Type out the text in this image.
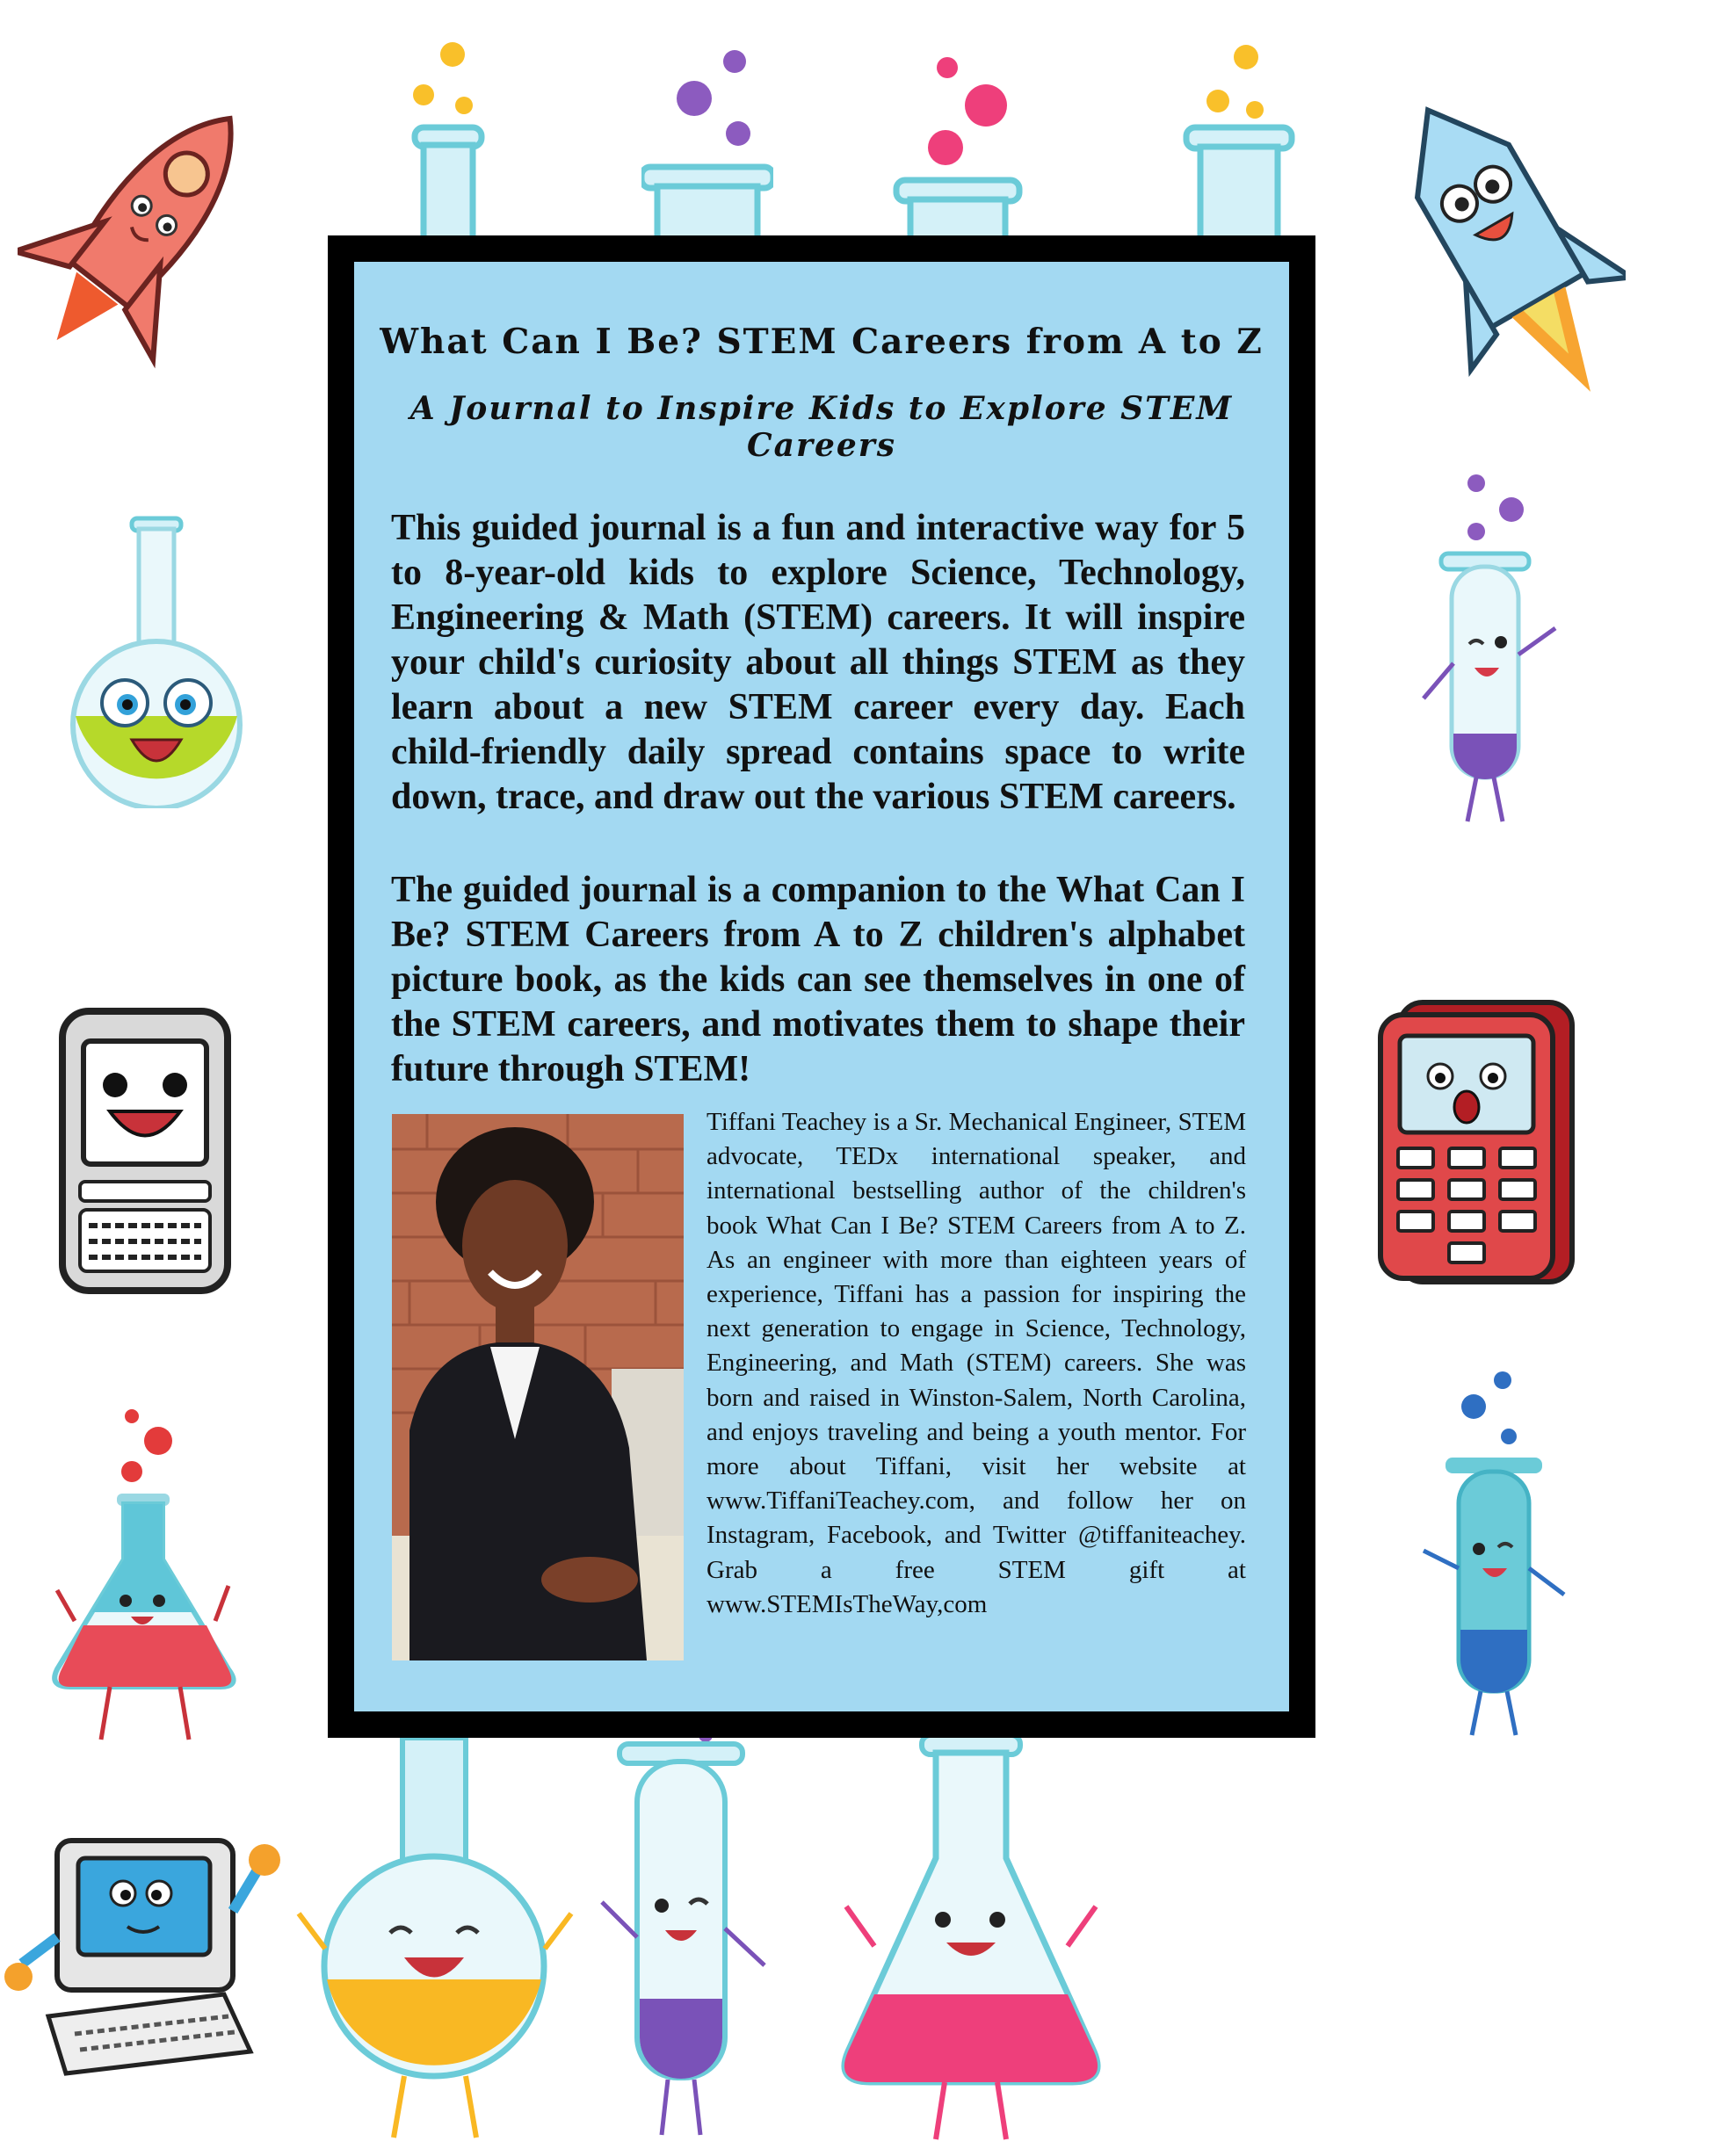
What Can I Be? STEM Careers from A to Z
A Journal to Inspire Kids to Explore STEM Careers

This guided journal is a fun and interactive way for 5 to 8-year-old kids to explore Science, Technology, Engineering & Math (STEM) careers. It will inspire your child's curiosity about all things STEM as they learn about a new STEM career every day. Each child-friendly daily spread contains space to write down, trace, and draw out the various STEM careers.

The guided journal is a companion to the What Can I Be? STEM Careers from A to Z children's alphabet picture book, as the kids can see themselves in one of the STEM careers, and motivates them to shape their future through STEM!

Tiffani Teachey is a Sr. Mechanical Engineer, STEM advocate, TEDx international speaker, and international bestselling author of the children's book What Can I Be? STEM Careers from A to Z. As an engineer with more than eighteen years of experience, Tiffani has a passion for inspiring the next generation to engage in Science, Technology, Engineering, and Math (STEM) careers. She was born and raised in Winston-Salem, North Carolina, and enjoys traveling and being a youth mentor. For more about Tiffani, visit her website at www.TiffaniTeachey.com, and follow her on Instagram, Facebook, and Twitter @tiffaniteachey. Grab a free STEM gift at www.STEMIsTheWay,com
